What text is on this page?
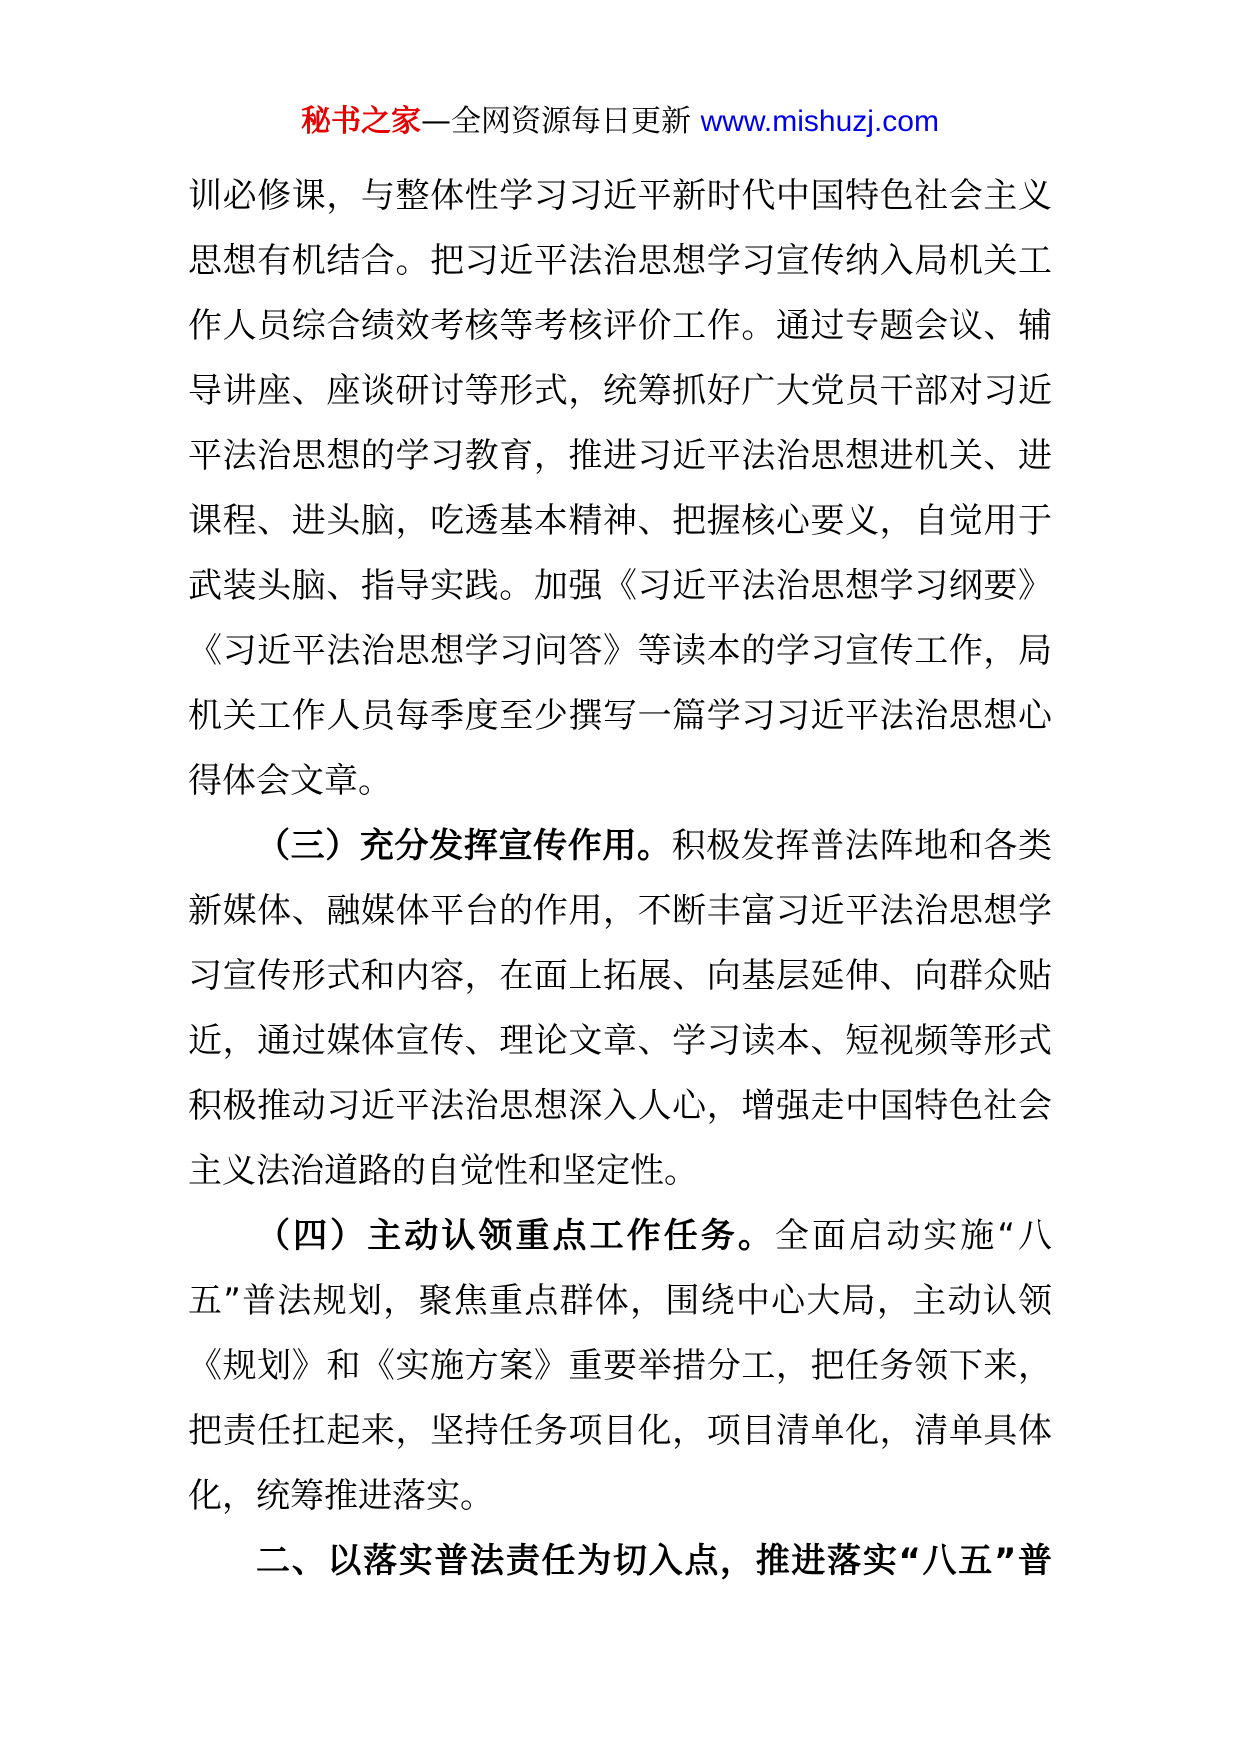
秘书之家—全网资源每日更新 www.mishuzj.com
训必修课，与整体性学习习近平新时代中国特色社会主义
思想有机结合。把习近平法治思想学习宣传纳入局机关工
作人员综合绩效考核等考核评价工作。通过专题会议、辅
导讲座、座谈研讨等形式，统筹抓好广大党员干部对习近
平法治思想的学习教育，推进习近平法治思想进机关、进
课程、进头脑，吃透基本精神、把握核心要义，自觉用于
武装头脑、指导实践。加强《习近平法治思想学习纲要》
《习近平法治思想学习问答》等读本的学习宣传工作，局
机关工作人员每季度至少撰写一篇学习习近平法治思想心
得体会文章。
（三）充分发挥宣传作用。积极发挥普法阵地和各类
新媒体、融媒体平台的作用，不断丰富习近平法治思想学
习宣传形式和内容，在面上拓展、向基层延伸、向群众贴
近，通过媒体宣传、理论文章、学习读本、短视频等形式
积极推动习近平法治思想深入人心，增强走中国特色社会
主义法治道路的自觉性和坚定性。
（四）主动认领重点工作任务。全面启动实施“八
五”普法规划，聚焦重点群体，围绕中心大局，主动认领
《规划》和《实施方案》重要举措分工，把任务领下来，
把责任扛起来，坚持任务项目化，项目清单化，清单具体
化，统筹推进落实。
二、以落实普法责任为切入点，推进落实“八五”普
